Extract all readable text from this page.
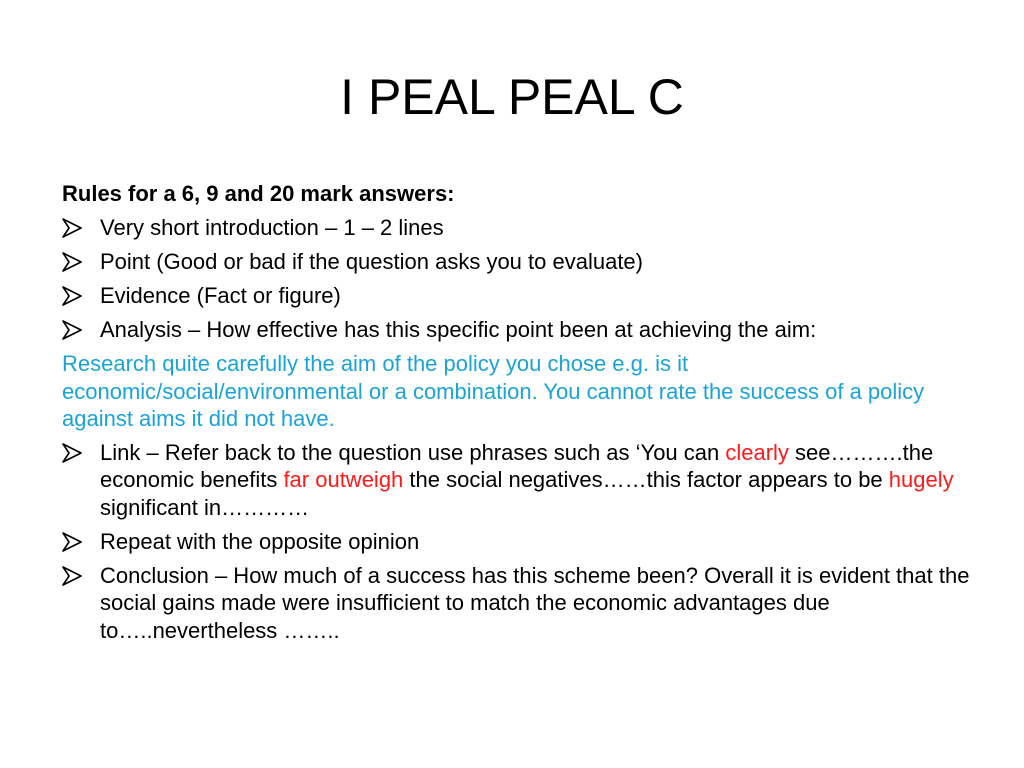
I PEAL PEAL C
Rules for a 6, 9 and 20 mark answers:
Very short introduction – 1 – 2 lines
Point (Good or bad if the question asks you to evaluate)
Evidence (Fact or figure)
Analysis – How effective has this specific point been at achieving the aim:
Research quite carefully the aim of the policy you chose e.g. is it economic/social/environmental or a combination. You cannot rate the success of a policy against aims it did not have.
Link – Refer back to the question use phrases such as ‘You can clearly see……….the economic benefits far outweigh the social negatives……this factor appears to be hugely significant in…………
Repeat with the opposite opinion
Conclusion – How much of a success has this scheme been? Overall it is evident that the social gains made were insufficient to match the economic advantages due to…..nevertheless ……..
